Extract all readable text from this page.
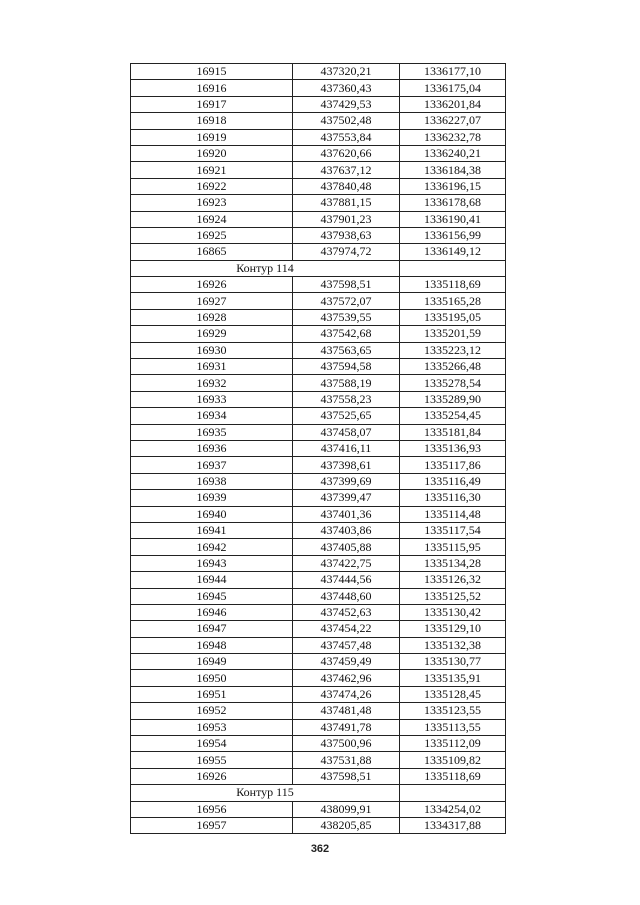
16915	437320,21	1336177,10
16916	437360,43	1336175,04
16917	437429,53	1336201,84
16918	437502,48	1336227,07
16919	437553,84	1336232,78
16920	437620,66	1336240,21
16921	437637,12	1336184,38
16922	437840,48	1336196,15
16923	437881,15	1336178,68
16924	437901,23	1336190,41
16925	437938,63	1336156,99
16865	437974,72	1336149,12
Контур 114		
16926	437598,51	1335118,69
16927	437572,07	1335165,28
16928	437539,55	1335195,05
16929	437542,68	1335201,59
16930	437563,65	1335223,12
16931	437594,58	1335266,48
16932	437588,19	1335278,54
16933	437558,23	1335289,90
16934	437525,65	1335254,45
16935	437458,07	1335181,84
16936	437416,11	1335136,93
16937	437398,61	1335117,86
16938	437399,69	1335116,49
16939	437399,47	1335116,30
16940	437401,36	1335114,48
16941	437403,86	1335117,54
16942	437405,88	1335115,95
16943	437422,75	1335134,28
16944	437444,56	1335126,32
16945	437448,60	1335125,52
16946	437452,63	1335130,42
16947	437454,22	1335129,10
16948	437457,48	1335132,38
16949	437459,49	1335130,77
16950	437462,96	1335135,91
16951	437474,26	1335128,45
16952	437481,48	1335123,55
16953	437491,78	1335113,55
16954	437500,96	1335112,09
16955	437531,88	1335109,82
16926	437598,51	1335118,69
Контур 115		
16956	438099,91	1334254,02
16957	438205,85	1334317,88
362
